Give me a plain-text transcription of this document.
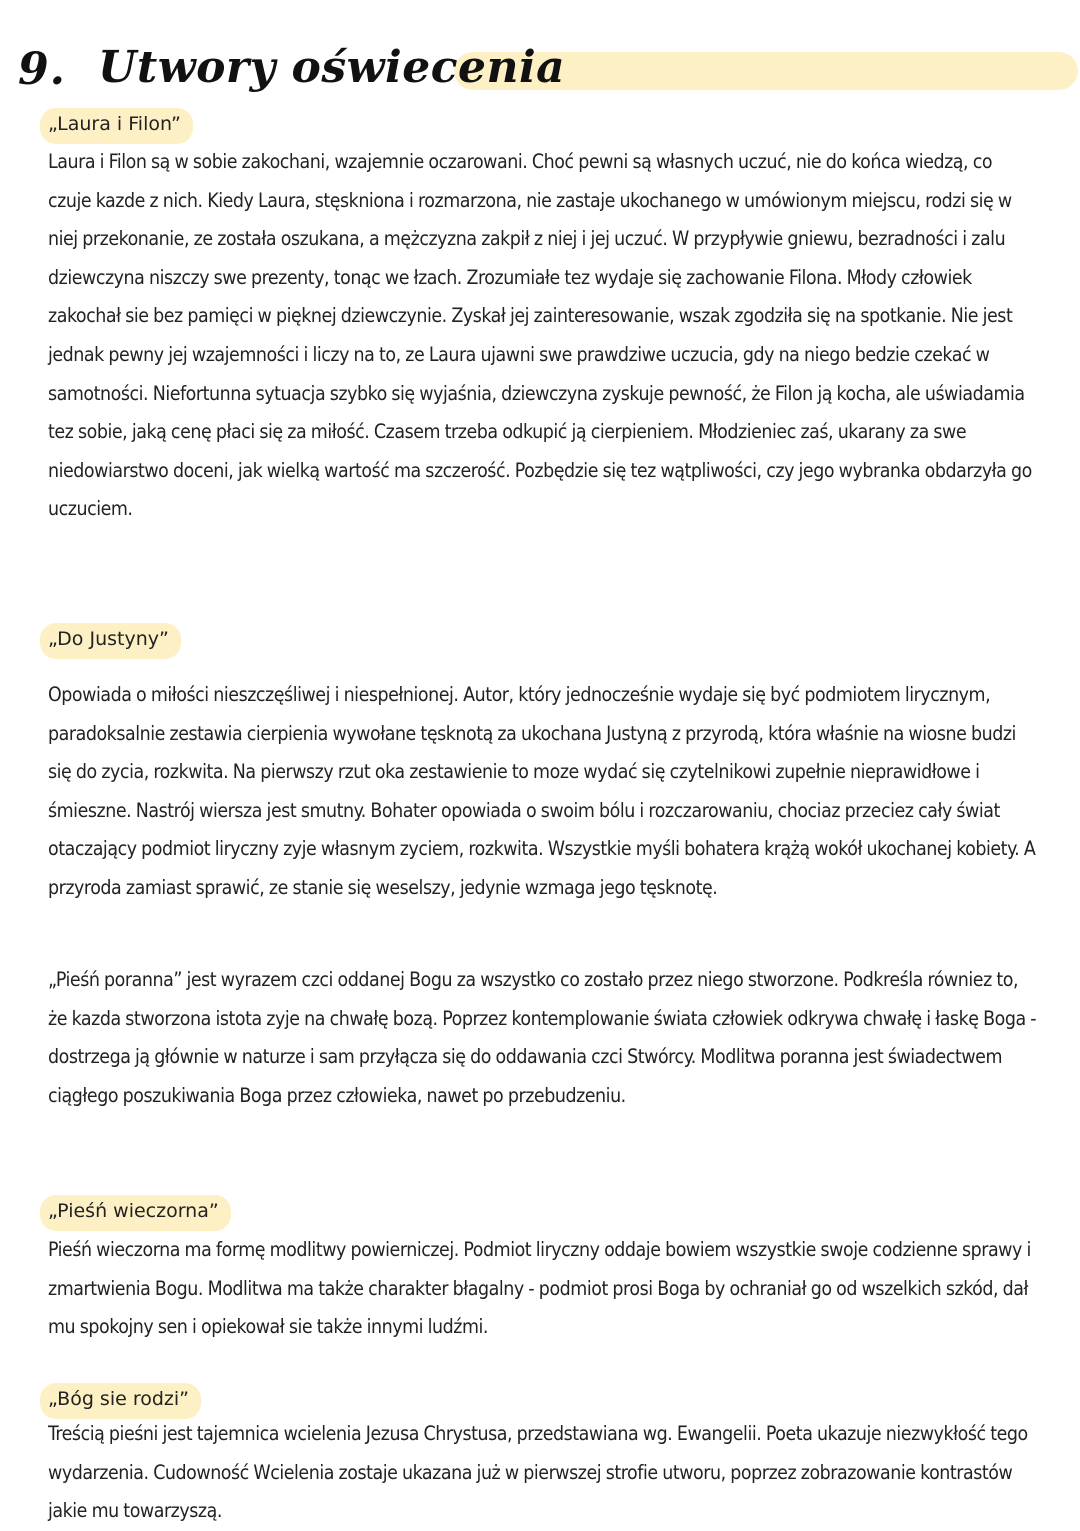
9. Utwory oświecenia
„Laura i Filon”

Laura i Filon są w sobie zakochani, wzajemnie oczarowani. Choć pewni są własnych uczuć, nie do końca wiedzą, co czuje kazde z nich. Kiedy Laura, stęskniona i rozmarzona, nie zastaje ukochanego w umówionym miejscu, rodzi się w niej przekonanie, ze została oszukana, a mężczyzna zakpił z niej i jej uczuć. W przypływie gniewu, bezradności i zalu dziewczyna niszczy swe prezenty, tonąc we łzach. Zrozumiałe tez wydaje się zachowanie Filona. Młody człowiek zakochał sie bez pamięci w pięknej dziewczynie. Zyskał jej zainteresowanie, wszak zgodziła się na spotkanie. Nie jest jednak pewny jej wzajemności i liczy na to, ze Laura ujawni swe prawdziwe uczucia, gdy na niego bedzie czekać w samotności. Niefortunna sytuacja szybko się wyjaśnia, dziewczyna zyskuje pewność, że Filon ją kocha, ale uświadamia tez sobie, jaką cenę płaci się za miłość. Czasem trzeba odkupić ją cierpieniem. Młodzieniec zaś, ukarany za swe niedowiarstwo doceni, jak wielką wartość ma szczerość. Pozbędzie się tez wątpliwości, czy jego wybranka obdarzyła go uczuciem.

„Do Justyny”

Opowiada o miłości nieszczęśliwej i niespełnionej. Autor, który jednocześnie wydaje się być podmiotem lirycznym, paradoksalnie zestawia cierpienia wywołane tęsknotą za ukochana Justyną z przyrodą, która właśnie na wiosne budzi się do zycia, rozkwita. Na pierwszy rzut oka zestawienie to moze wydać się czytelnikowi zupełnie nieprawidłowe i śmieszne. Nastrój wiersza jest smutny. Bohater opowiada o swoim bólu i rozczarowaniu, chociaz przeciez cały świat otaczający podmiot liryczny zyje własnym zyciem, rozkwita. Wszystkie myśli bohatera krążą wokół ukochanej kobiety. A przyroda zamiast sprawić, ze stanie się weselszy, jedynie wzmaga jego tęsknotę.

„Pieśń poranna” jest wyrazem czci oddanej Bogu za wszystko co zostało przez niego stworzone. Podkreśla równiez to, że kazda stworzona istota zyje na chwałę bozą. Poprzez kontemplowanie świata człowiek odkrywa chwałę i łaskę Boga - dostrzega ją głównie w naturze i sam przyłącza się do oddawania czci Stwórcy. Modlitwa poranna jest świadectwem ciągłego poszukiwania Boga przez człowieka, nawet po przebudzeniu.

„Pieśń wieczorna”

Pieśń wieczorna ma formę modlitwy powierniczej. Podmiot liryczny oddaje bowiem wszystkie swoje codzienne sprawy i zmartwienia Bogu. Modlitwa ma także charakter błagalny - podmiot prosi Boga by ochraniał go od wszelkich szkód, dał mu spokojny sen i opiekował sie także innymi ludźmi.

„Bóg sie rodzi”

Treścią pieśni jest tajemnica wcielenia Jezusa Chrystusa, przedstawiana wg. Ewangelii. Poeta ukazuje niezwykłość tego wydarzenia. Cudowność Wcielenia zostaje ukazana już w pierwszej strofie utworu, poprzez zobrazowanie kontrastów jakie mu towarzyszą.
